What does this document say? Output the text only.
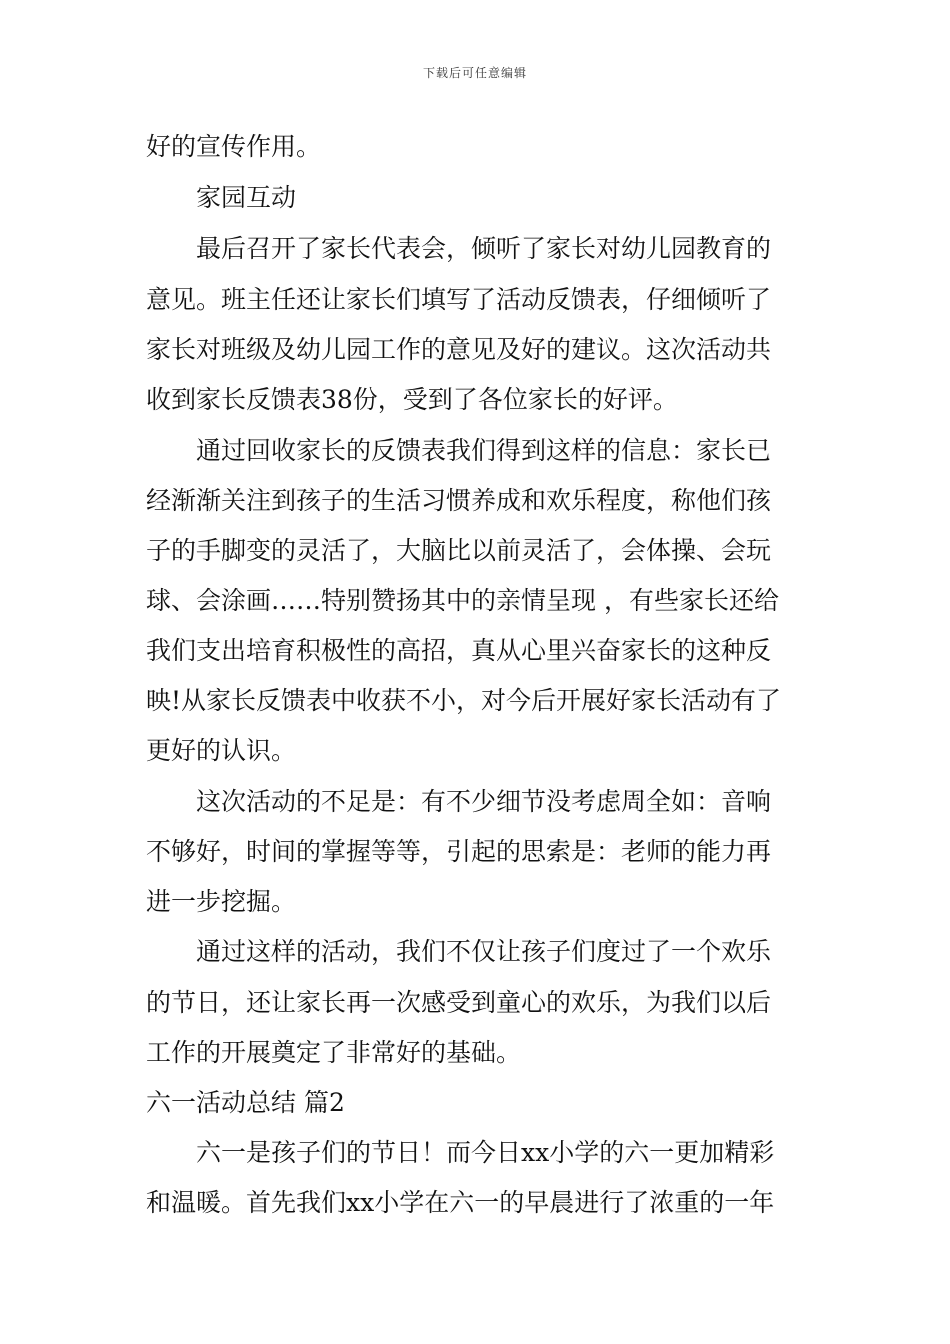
下载后可任意编辑
好的宣传作用。
家园互动
最后召开了家长代表会，倾听了家长对幼儿园教育的
意见。班主任还让家长们填写了活动反馈表，仔细倾听了
家长对班级及幼儿园工作的意见及好的建议。这次活动共
收到家长反馈表38份，受到了各位家长的好评。
通过回收家长的反馈表我们得到这样的信息：家长已
经渐渐关注到孩子的生活习惯养成和欢乐程度，称他们孩
子的手脚变的灵活了，大脑比以前灵活了，会体操、会玩
球、会涂画……特别赞扬其中的亲情呈现 ，有些家长还给
我们支出培育积极性的高招，真从心里兴奋家长的这种反
映!从家长反馈表中收获不小，对今后开展好家长活动有了
更好的认识。
这次活动的不足是：有不少细节没考虑周全如：音响
不够好，时间的掌握等等，引起的思索是：老师的能力再
进一步挖掘。
通过这样的活动，我们不仅让孩子们度过了一个欢乐
的节日，还让家长再一次感受到童心的欢乐，为我们以后
工作的开展奠定了非常好的基础。
六一活动总结 篇2
六一是孩子们的节日！而今日xx小学的六一更加精彩
和温暖。首先我们xx小学在六一的早晨进行了浓重的一年
